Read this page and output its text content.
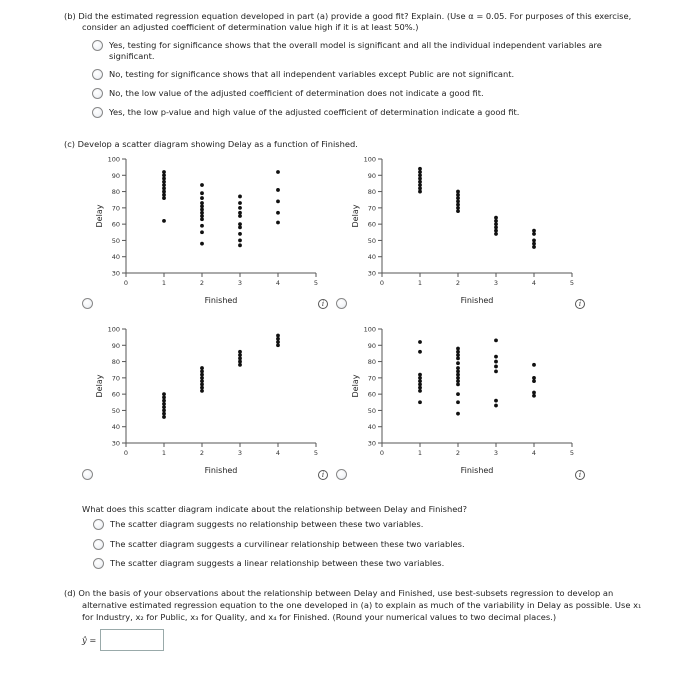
(b) Did the estimated regression equation developed in part (a) provide a good fit? Explain. (Use α = 0.05. For purposes of this exercise,
consider an adjusted coefficient of determination value high if it is at least 50%.)
Yes, testing for significance shows that the overall model is significant and all the individual independent variables are
significant.
No, testing for significance shows that all independent variables except Public are not significant.
No, the low value of the adjusted coefficient of determination does not indicate a good fit.
Yes, the low p-value and high value of the adjusted coefficient of determination indicate a good fit.
(c) Develop a scatter diagram showing Delay as a function of Finished.
30
40
50
60
70
80
90
100
0	1	2	3	4	5
Finished
Delay
i
30
40
50
60
70
80
90
100
0	1	2	3	4	5
Finished
Delay
i
30
40
50
60
70
80
90
100
0	1	2	3	4	5
Finished
Delay
i
30
40
50
60
70
80
90
100
0	1	2	3	4	5
Finished
Delay
i
What does this scatter diagram indicate about the relationship between Delay and Finished?
The scatter diagram suggests no relationship between these two variables.
The scatter diagram suggests a curvilinear relationship between these two variables.
The scatter diagram suggests a linear relationship between these two variables.
(d) On the basis of your observations about the relationship between Delay and Finished, use best-subsets regression to develop an
alternative estimated regression equation to the one developed in (a) to explain as much of the variability in Delay as possible. Use x₁
for Industry, x₂ for Public, x₃ for Quality, and x₄ for Finished. (Round your numerical values to two decimal places.)
ŷ =
